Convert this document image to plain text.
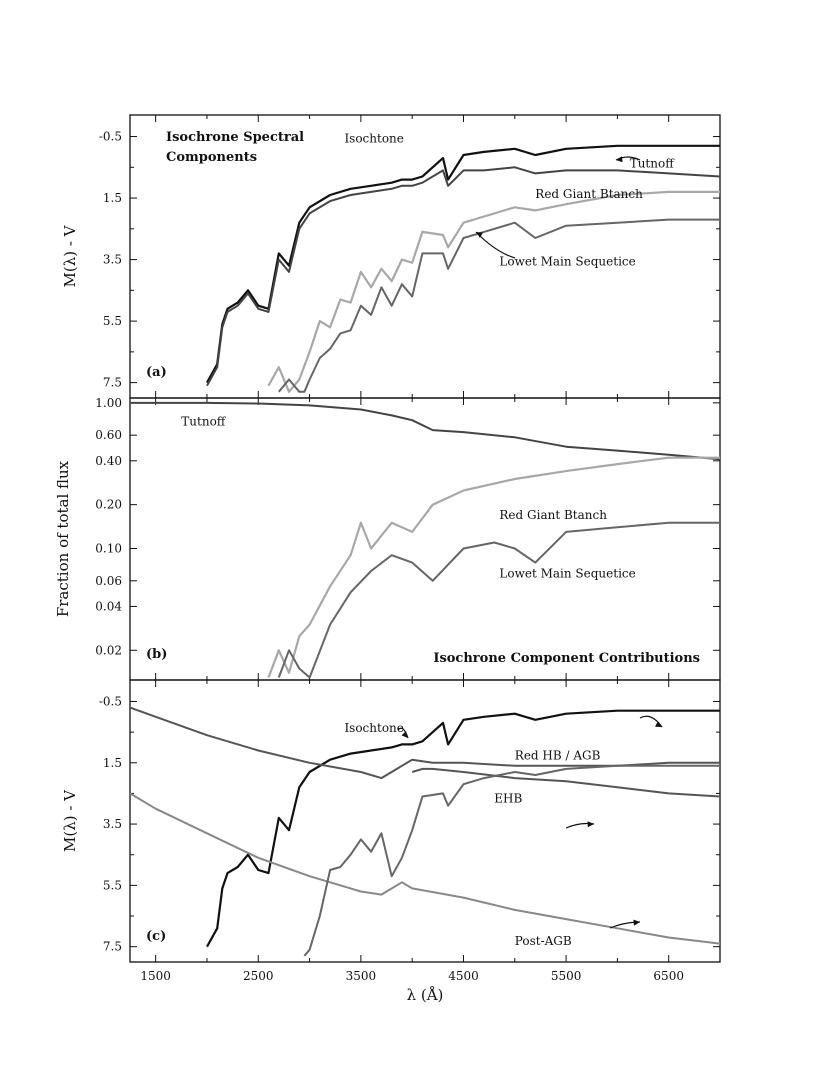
-0.5
1.5
3.5
5.5
7.5
M(λ) - V
(a)
Isochrone Spectral
Components
Isochtone
Tutnoff
Red Giant Btanch
Lowet Main Sequetice
1.00
0.60
0.40
0.20
0.10
0.06
0.04
0.02
Fraction of total flux
(b)	Isochrone Component Contributions
Tutnoff
Red Giant Btanch
Lowet Main Sequetice
-0.5
1.5
3.5
5.5
7.5
1500	2500	3500	4500	5500	6500
M(λ) - V
λ (Å)
(c)
Isochtone
Red HB / AGB
EHB
Post-AGB
